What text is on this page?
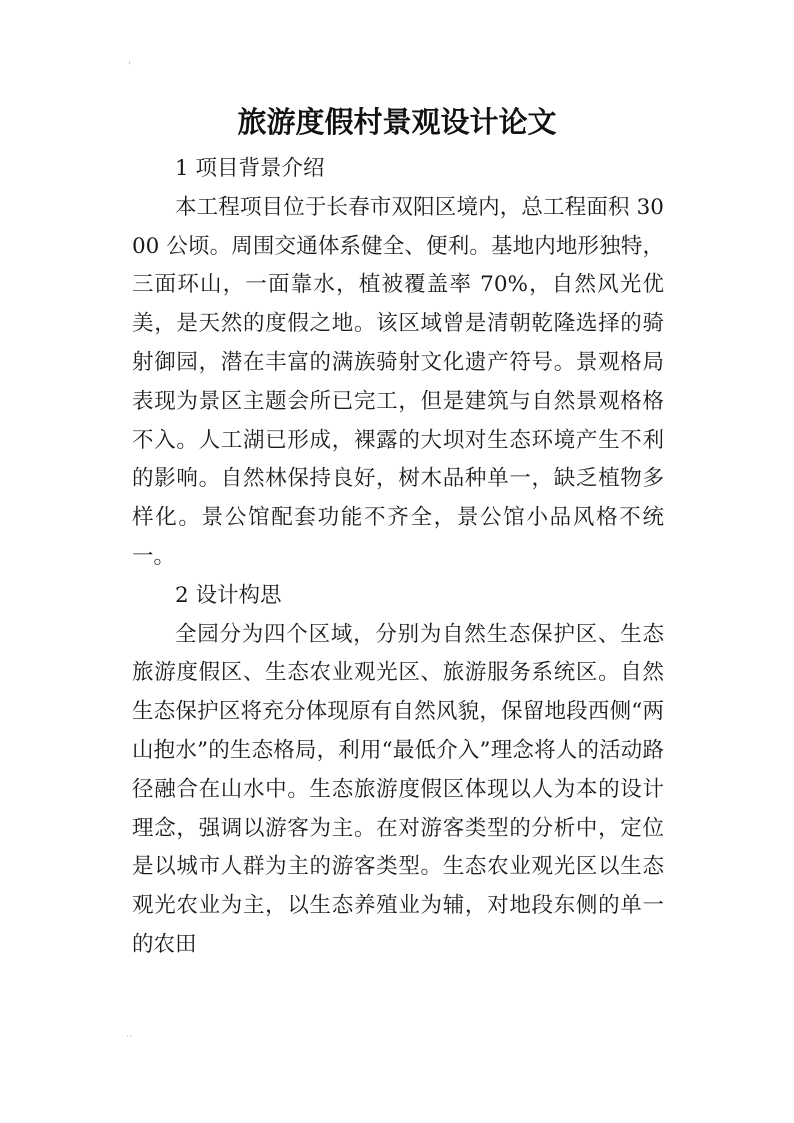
'
旅游度假村景观设计论文

1 项目背景介绍

本工程项目位于长春市双阳区境内，总工程面积 3000 公顷。周围交通体系健全、便利。基地内地形独特，三面环山，一面靠水，植被覆盖率 70%，自然风光优美，是天然的度假之地。该区域曾是清朝乾隆选择的骑射御园，潜在丰富的满族骑射文化遗产符号。景观格局表现为景区主题会所已完工，但是建筑与自然景观格格不入。人工湖已形成，裸露的大坝对生态环境产生不利的影响。自然林保持良好，树木品种单一，缺乏植物多样化。景公馆配套功能不齐全，景公馆小品风格不统一。

2 设计构思

全园分为四个区域，分别为自然生态保护区、生态旅游度假区、生态农业观光区、旅游服务系统区。自然生态保护区将充分体现原有自然风貌，保留地段西侧“两山抱水”的生态格局，利用“最低介入”理念将人的活动路径融合在山水中。生态旅游度假区体现以人为本的设计理念，强调以游客为主。在对游客类型的分析中，定位是以城市人群为主的游客类型。生态农业观光区以生态观光农业为主，以生态养殖业为辅，对地段东侧的单一的农田

··
